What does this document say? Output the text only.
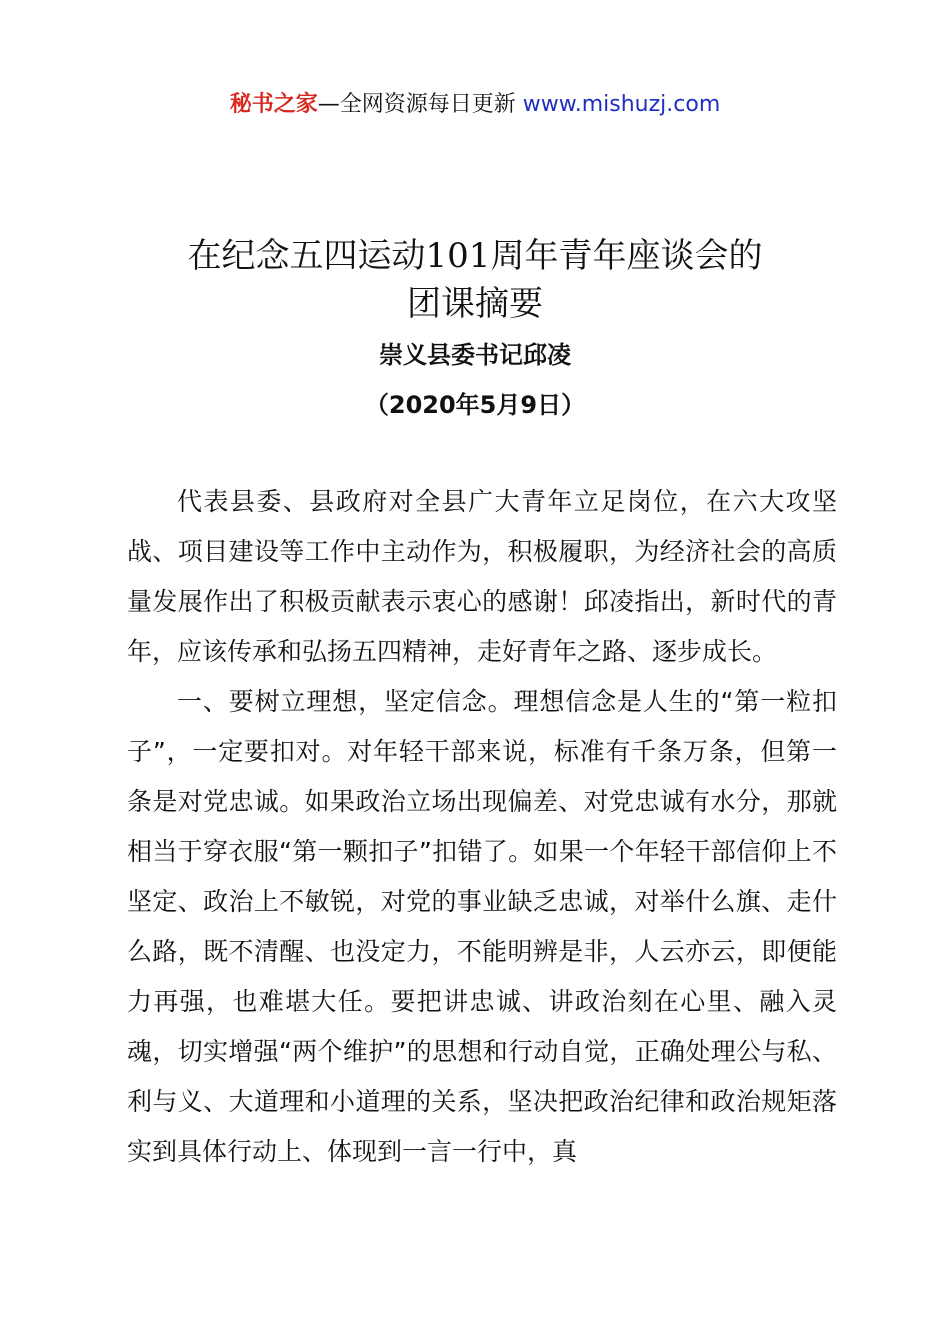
秘书之家—全网资源每日更新 www.mishuzj.com
在纪念五四运动101周年青年座谈会的
团课摘要
崇义县委书记邱凌
（2020年5月9日）

代表县委、县政府对全县广大青年立足岗位，在六大攻坚战、项目建设等工作中主动作为，积极履职，为经济社会的高质量发展作出了积极贡献表示衷心的感谢！邱凌指出，新时代的青年，应该传承和弘扬五四精神，走好青年之路、逐步成长。

一、要树立理想，坚定信念。理想信念是人生的“第一粒扣子”，一定要扣对。对年轻干部来说，标准有千条万条，但第一条是对党忠诚。如果政治立场出现偏差、对党忠诚有水分，那就相当于穿衣服“第一颗扣子”扣错了。如果一个年轻干部信仰上不坚定、政治上不敏锐，对党的事业缺乏忠诚，对举什么旗、走什么路，既不清醒、也没定力，不能明辨是非，人云亦云，即便能力再强，也难堪大任。要把讲忠诚、讲政治刻在心里、融入灵魂，切实增强“两个维护”的思想和行动自觉，正确处理公与私、利与义、大道理和小道理的关系，坚决把政治纪律和政治规矩落实到具体行动上、体现到一言一行中，真
